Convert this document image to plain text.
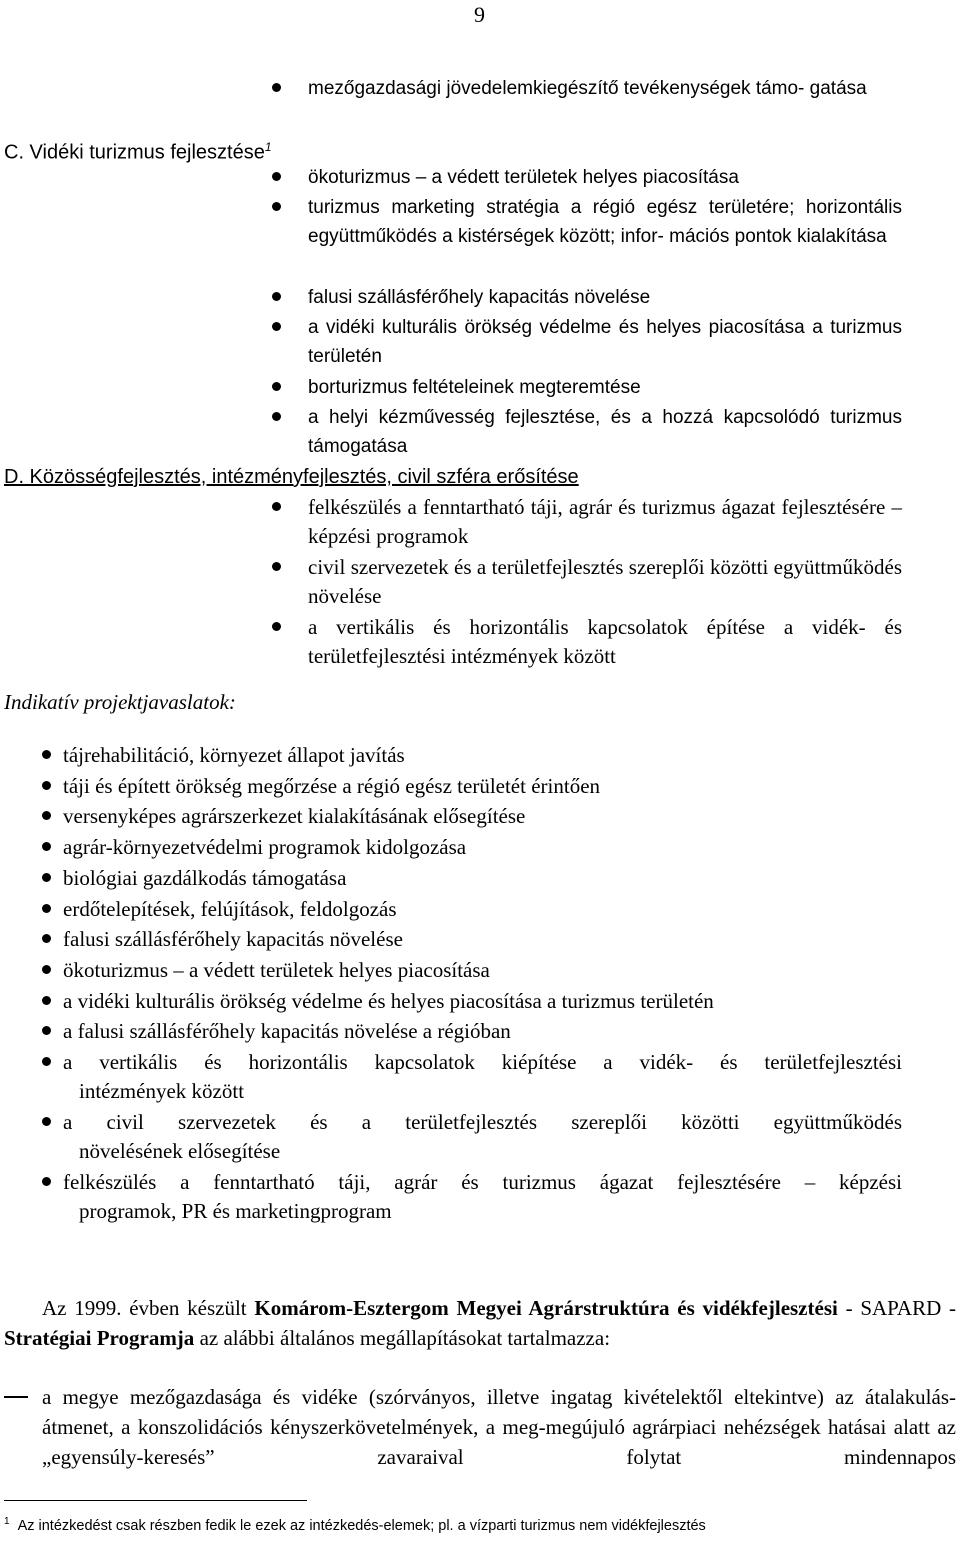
9
mezőgazdasági jövedelemkiegészítő tevékenységek támo- gatása
C. Vidéki turizmus fejlesztése$^1$
ökoturizmus – a védett területek helyes piacosítása
turizmus marketing stratégia a régió egész területére; horizontális együttműködés a kistérségek között; infor- mációs pontok kialakítása
falusi szállásférőhely kapacitás növelése
a vidéki kulturális örökség védelme és helyes piacosítása a turizmus területén
borturizmus feltételeinek megteremtése
a helyi kézművesség fejlesztése, és a hozzá kapcsolódó turizmus támogatása
D. Közösségfejlesztés, intézményfejlesztés, civil szféra erősítése
felkészülés a fenntartható táji, agrár és turizmus ágazat fejlesztésére – képzési programok
civil szervezetek és a területfejlesztés szereplői közötti együttműködés növelése
a vertikális és horizontális kapcsolatok építése a vidék- és területfejlesztési intézmények között
Indikatív projektjavaslatok:
tájrehabilitáció, környezet állapot javítás
táji és épített örökség megőrzése a régió egész területét érintően
versenyképes agrárszerkezet kialakításának elősegítése
agrár-környezetvédelmi programok kidolgozása
biológiai gazdálkodás támogatása
erdőtelepítések, felújítások, feldolgozás
falusi szállásférőhely kapacitás növelése
ökoturizmus – a védett területek helyes piacosítása
a vidéki kulturális örökség védelme és helyes piacosítása a turizmus területén
a falusi szállásférőhely kapacitás növelése a régióban
a vertikális és horizontális kapcsolatok kiépítése a vidék- és területfejlesztési
intézmények között
a civil szervezetek és a területfejlesztés szereplői közötti együttműködés
növelésének elősegítése
felkészülés a fenntartható táji, agrár és turizmus ágazat fejlesztésére – képzési
programok, PR és marketingprogram
Az 1999. évben készült Komárom-Esztergom Megyei Agrárstruktúra és vidékfejlesztési - SAPARD - Stratégiai Programja az alábbi általános megállapításokat tartalmazza:
a megye mezőgazdasága és vidéke (szórványos, illetve ingatag kivételektől eltekintve) az átalakulás-átmenet, a konszolidációs kényszerkövetelmények, a meg-megújuló agrárpiaci nehézségek hatásai alatt az „egyensúly-keresés” zavaraival folytat mindennapos
$^1$ Az intézkedést csak részben fedik le ezek az intézkedés-elemek; pl. a vízparti turizmus nem vidékfejlesztés
